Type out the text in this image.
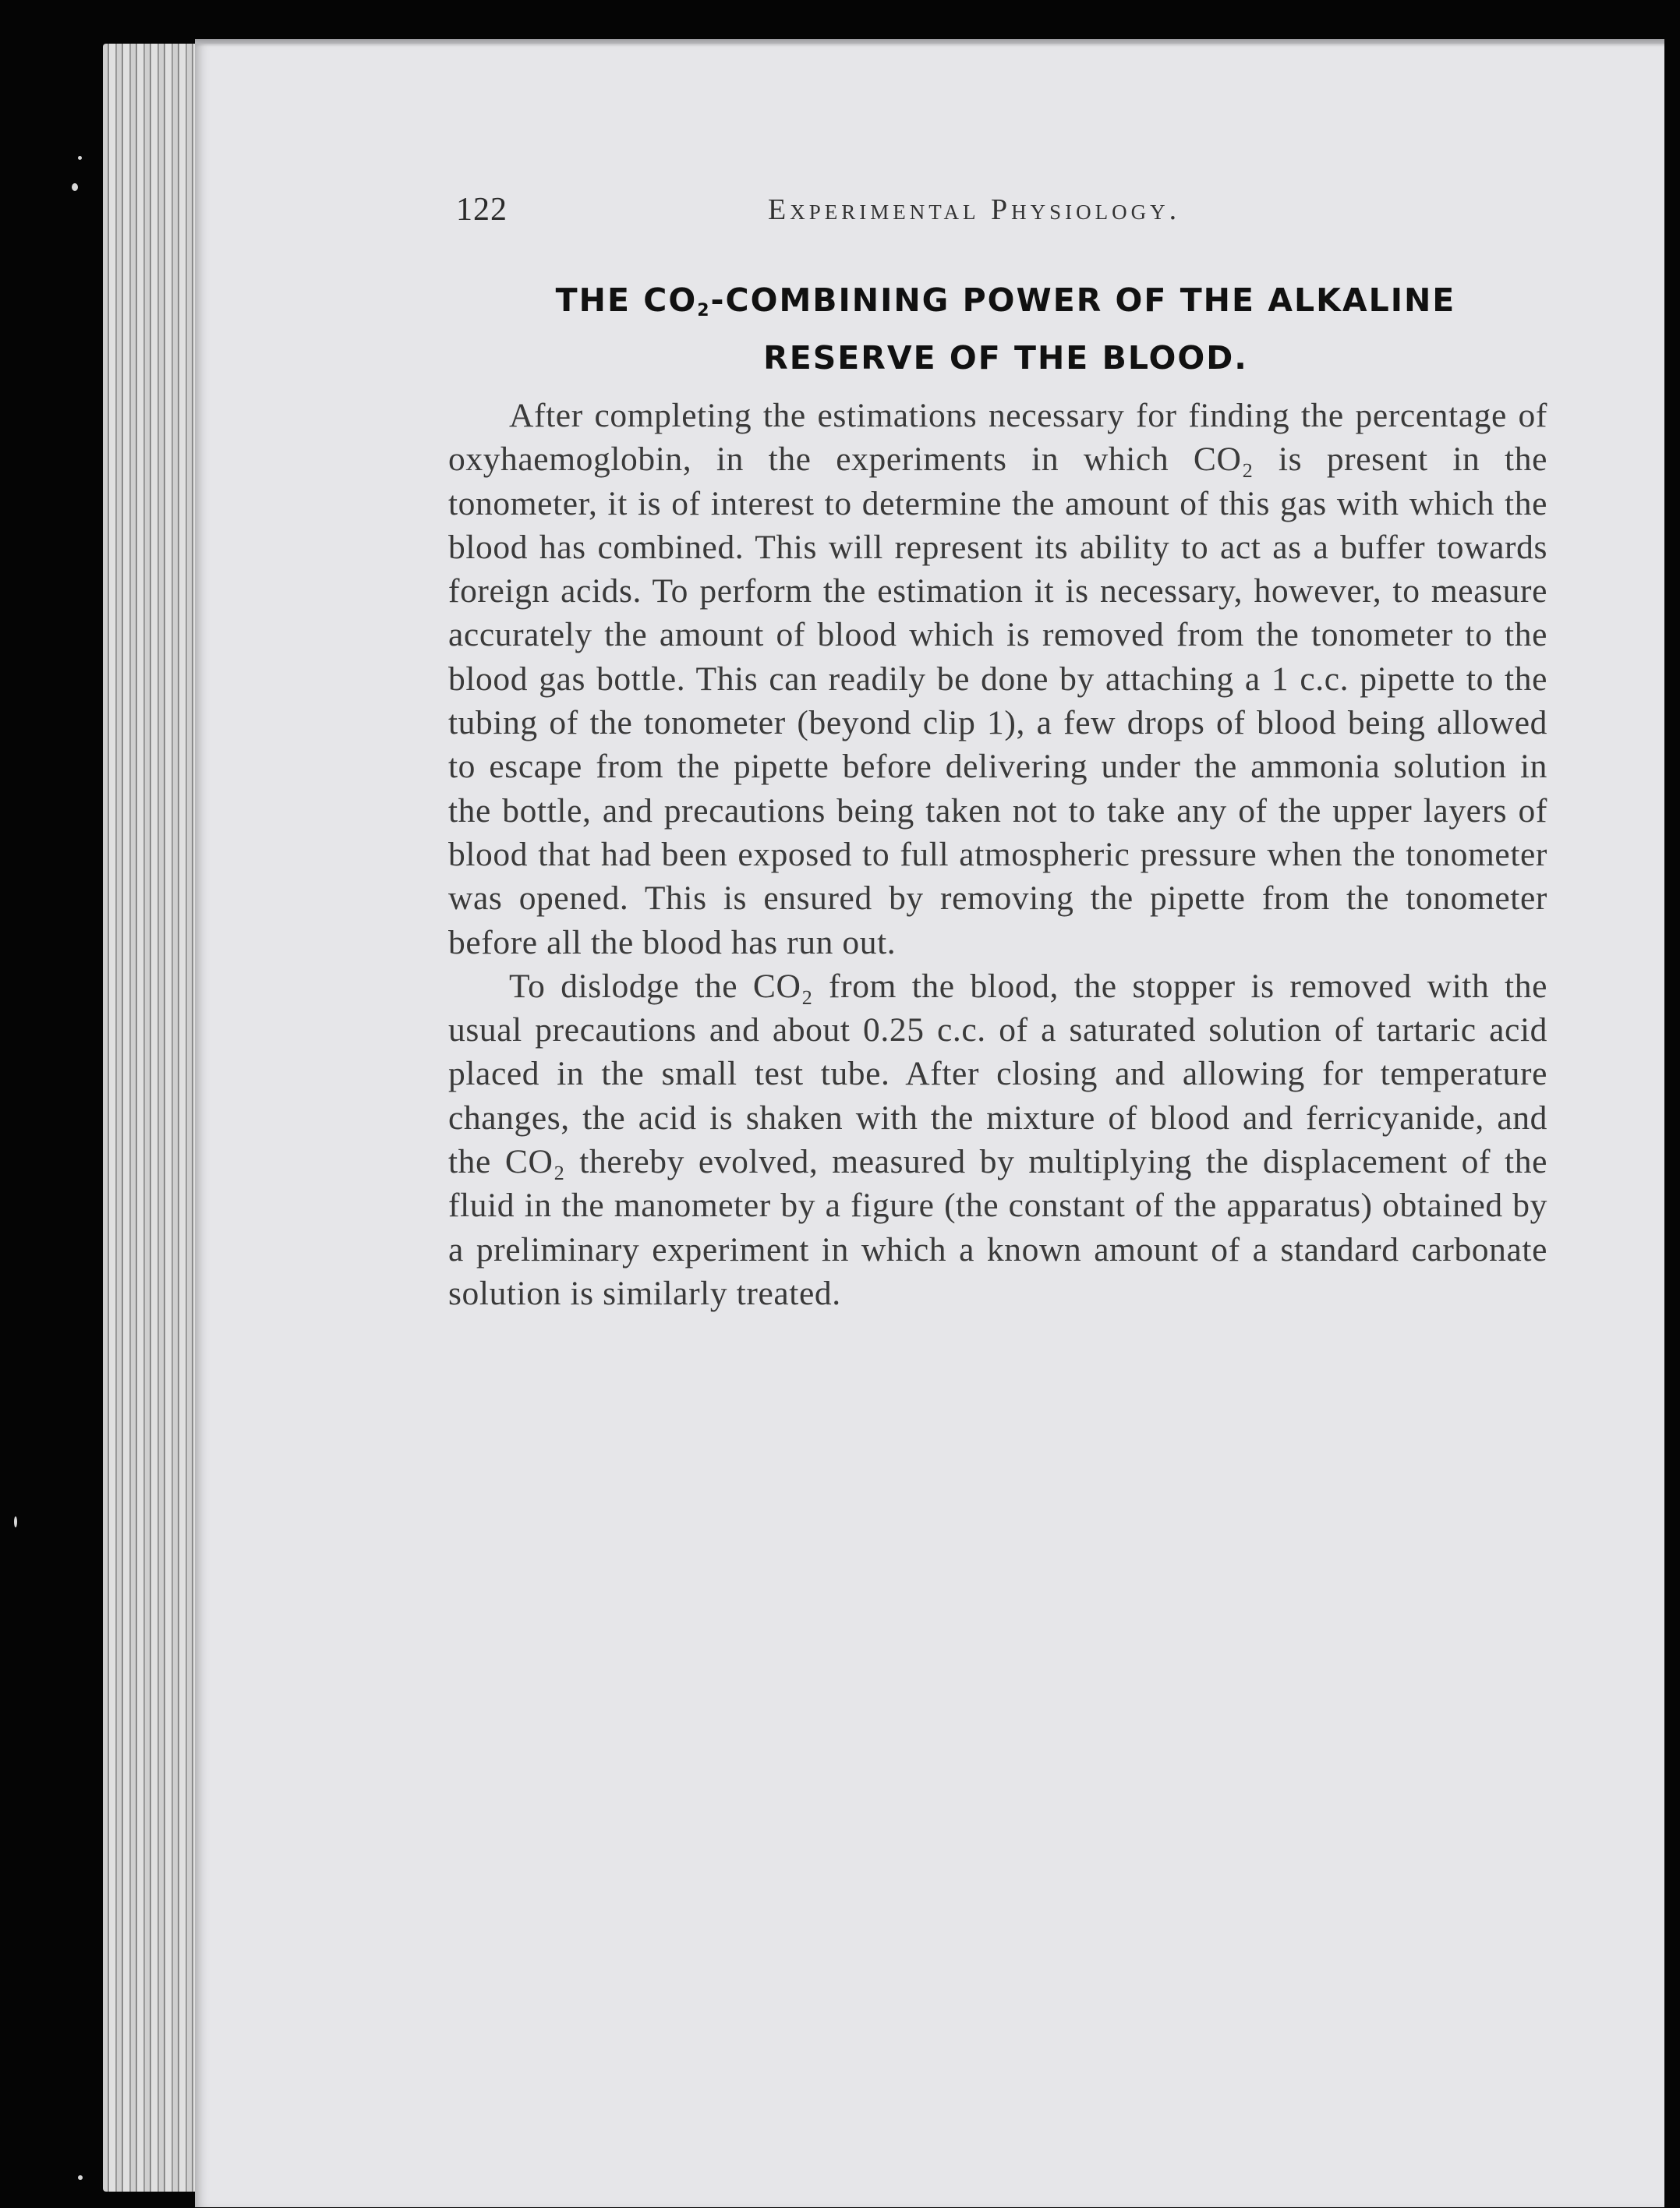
122	Experimental Physiology.
THE $CO_2$-COMBINING POWER OF THE ALKALINE
RESERVE OF THE BLOOD.

After completing the estimations necessary for finding the percentage of oxyhaemoglobin, in the experiments in which CO₂ is present in the tonometer, it is of interest to determine the amount of this gas with which the blood has combined. This will represent its ability to act as a buffer towards foreign acids. To perform the estimation it is necessary, however, to measure accurately the amount of blood which is removed from the tonometer to the blood gas bottle. This can readily be done by attaching a 1 c.c. pipette to the tubing of the tonometer (beyond clip 1), a few drops of blood being allowed to escape from the pipette before delivering under the ammonia solution in the bottle, and precautions being taken not to take any of the upper layers of blood that had been exposed to full atmospheric pressure when the tonometer was opened. This is ensured by removing the pipette from the tonometer before all the blood has run out.

To dislodge the CO₂ from the blood, the stopper is removed with the usual precautions and about 0.25 c.c. of a saturated solution of tartaric acid placed in the small test tube. After closing and allowing for temperature changes, the acid is shaken with the mixture of blood and ferricyanide, and the CO₂ thereby evolved, measured by multiplying the displacement of the fluid in the manometer by a figure (the constant of the apparatus) obtained by a preliminary experiment in which a known amount of a standard carbonate solution is similarly treated.
